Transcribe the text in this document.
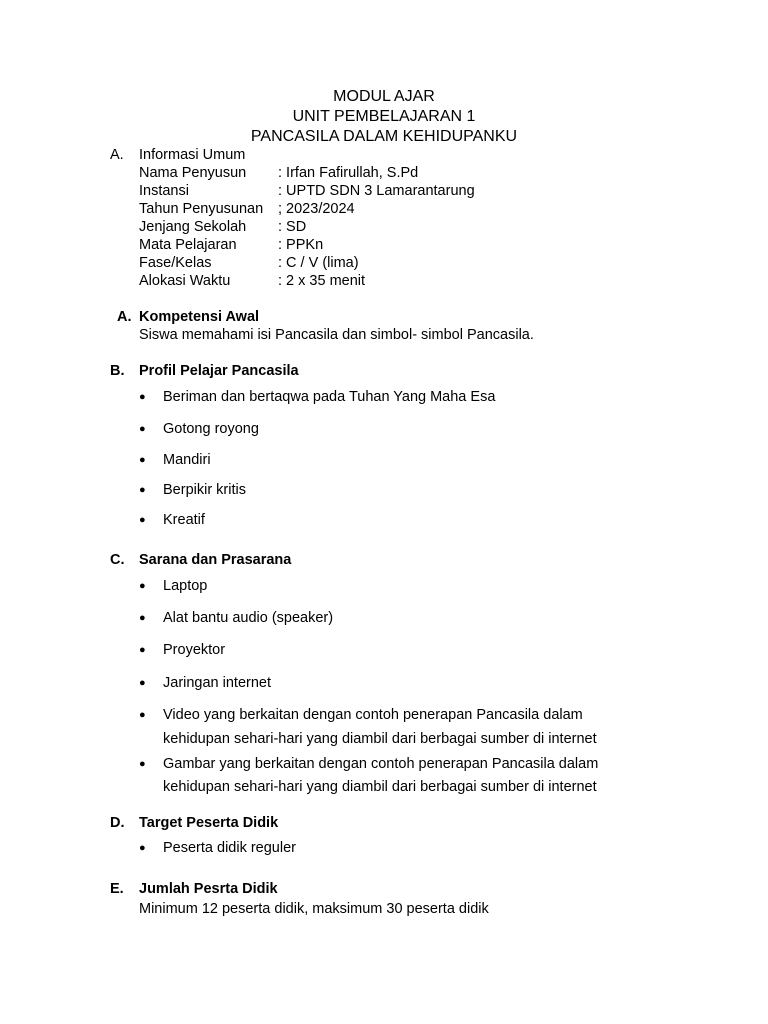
MODUL AJAR
UNIT PEMBELAJARAN 1
PANCASILA DALAM KEHIDUPANKU
A. Informasi Umum
Nama Penyusun : Irfan Fafirullah, S.Pd
Instansi	: UPTD SDN 3 Lamarantarung
Tahun Penyusunan ; 2023/2024
Jenjang Sekolah : SD
Mata Pelajaran	: PPKn
Fase/Kelas	: C / V (lima)
Alokasi Waktu	: 2 x 35 menit
A. Kompetensi Awal
Siswa memahami isi Pancasila dan simbol- simbol Pancasila.
B. Profil Pelajar Pancasila
● Beriman dan bertaqwa pada Tuhan Yang Maha Esa
● Gotong royong
● Mandiri
● Berpikir kritis
● Kreatif
C. Sarana dan Prasarana
● Laptop
● Alat bantu audio (speaker)
● Proyektor
● Jaringan internet
● Video yang berkaitan dengan contoh penerapan Pancasila dalam
kehidupan sehari-hari yang diambil dari berbagai sumber di internet
● Gambar yang berkaitan dengan contoh penerapan Pancasila dalam
kehidupan sehari-hari yang diambil dari berbagai sumber di internet
D. Target Peserta Didik
● Peserta didik reguler
E. Jumlah Pesrta Didik
Minimum 12 peserta didik, maksimum 30 peserta didik
